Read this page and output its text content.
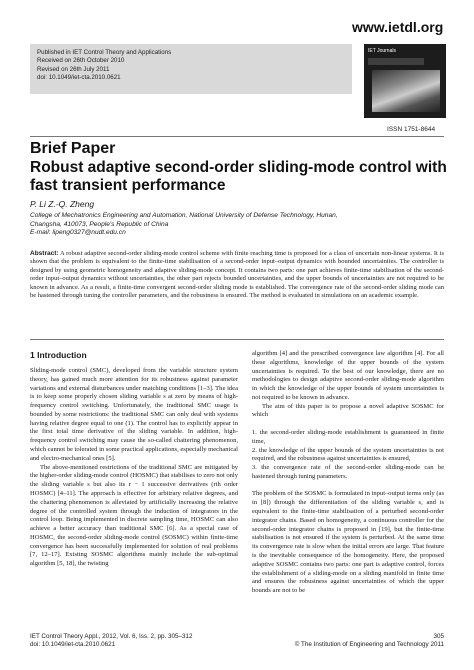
www.ietdl.org
Published in IET Control Theory and Applications
Received on 26th October 2010
Revised on 26th July 2011
doi: 10.1049/iet-cta.2010.0621
IET Journals
ISSN 1751-8644
Brief Paper
Robust adaptive second-order sliding-mode control with fast transient performance
P. Li Z.-Q. Zheng
College of Mechatronics Engineering and Automation, National University of Defense Technology, Hunan,
Changsha, 410073, People's Republic of China
E-mail: lipeng0327@nudt.edu.cn
Abstract: A robust adaptive second-order sliding-mode control scheme with finite reaching time is proposed for a class of uncertain non-linear systems. It is shown that the problem is equivalent to the finite-time stabilisation of a second-order input–output dynamics with bounded uncertainties. The controller is designed by using geometric homogeneity and adaptive sliding-mode concept. It contains two parts: one part achieves finite-time stabilisation of the second-order input–output dynamics without uncertainties, the other part rejects bounded uncertainties, and the upper bounds of uncertainties are not required to be known in advance. As a result, a finite-time convergent second-order sliding mode is established. The convergence rate of the second-order sliding mode can be hastened through tuning the controller parameters, and the robustness is ensured. The method is evaluated in simulations on an academic example.
1 Introduction

Sliding-mode control (SMC), developed from the variable structure system theory, has gained much more attention for its robustness against parameter variations and external disturbances under matching conditions [1–3]. The idea is to keep some properly chosen sliding variable s at zero by means of high-frequency control switching. Unfortunately, the traditional SMC usage is bounded by some restrictions: the traditional SMC can only deal with systems having relative degree equal to one (1). The control has to explicitly appear in the first total time derivative of the sliding variable. In addition, high-frequency control switching may cause the so-called chattering phenomenon, which cannot be tolerated in some practical applications, especially mechanical and electro-mechanical ones [5].

The above-mentioned restrictions of the traditional SMC are mitigated by the higher-order sliding-mode control (HOSMC) that stabilises to zero not only the sliding variable s but also its r − 1 successive derivatives (rth order HOSMC) [4–11]. The approach is effective for arbitrary relative degrees, and the chattering phenomenon is alleviated by artificially increasing the relative degree of the controlled system through the induction of integrators in the control loop. Being implemented in discrete sampling time, HOSMC can also achieve a better accuracy than traditional SMC [6]. As a special case of HOSMC, the second-order sliding-mode control (SOSMC) within finite-time convergence has been successfully implemented for solution of real problems [7, 12–17]. Existing SOSMC algorithms mainly include the sub-optimal algorithm [5, 18], the twisting

algorithm [4] and the prescribed convergence law algorithm [4]. For all these algorithms, knowledge of the upper bounds of the system uncertainties is required. To the best of our knowledge, there are no methodologies to design adaptive second-order sliding-mode algorithm in which the knowledge of the upper bounds of system uncertainties is not required to be known in advance.

The aim of this paper is to propose a novel adaptive SOSMC for which

1. the second-order sliding-mode establishment is guaranteed in finite time,

2. the knowledge of the upper bounds of the system uncertainties is not required, and the robustness against uncertainties is ensured,

3. the convergence rate of the second-order sliding-mode can be hastened through tuning parameters.

The problem of the SOSMC is formulated in input–output terms only (as in [8]) through the differentiation of the sliding variable s, and is equivalent to the finite-time stabilisation of a perturbed second-order integrator chains. Based on homogeneity, a continuous controller for the second-order integrator chains is proposed in [19], but the finite-time stabilisation is not ensured if the system is perturbed. At the same time its convergence rate is slow when the initial errors are large. That feature is the inevitable consequence of the homogeneity. Here, the proposed adaptive SOSMC contains two parts: one part is adaptive control, forces the establishment of a sliding-mode on a sliding manifold in finite time and ensures the robustness against uncertainties of which the upper bounds are not to be

IET Control Theory Appl., 2012, Vol. 6, Iss. 2, pp. 305–312
doi: 10.1049/iet-cta.2010.0621
305
© The Institution of Engineering and Technology 2011
